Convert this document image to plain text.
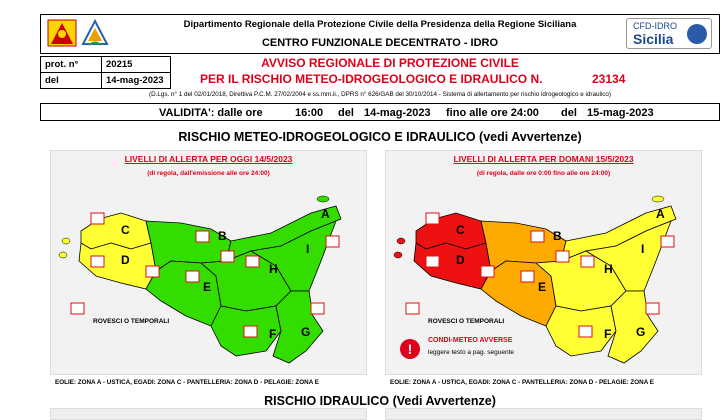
Dipartimento Regionale della Protezione Civile della Presidenza della Regione Siciliana
CENTRO FUNZIONALE DECENTRATO - IDRO
CFD-IDRO
Sicilia
prot. n°	20215
del	14-mag-2023
AVVISO REGIONALE DI PROTEZIONE CIVILE
PER IL RISCHIO METEO-IDROGEOLOGICO E IDRAULICO N.	23134
(D.Lgs. n° 1 del 02/01/2018, Direttiva P.C.M. 27/02/2004 e ss.mm.ii., DPRS n° 626/GAB del 30/10/2014 - Sistema di allertamento per rischio idrogeologico e idraulico)
VALIDITA': dalle ore	16:00 del 14-mag-2023 fino alle ore 24:00 del 15-mag-2023
RISCHIO METEO-IDROGEOLOGICO E IDRAULICO (vedi Avvertenze)
LIVELLI DI ALLERTA PER OGGI 14/5/2023
(di regola, dall'emissione alle ore 24:00)
C
D
B
A
E
H
I
F G
ROVESCI O TEMPORALI
LIVELLI DI ALLERTA PER DOMANI 15/5/2023
(di regola, dalle ore 0:00 fino alle ore 24:00)
C
D
B
A
E
H
I
F G
ROVESCI O TEMPORALI
!
CONDI-METEO AVVERSE
leggere testo a pag. seguente
EOLIE: ZONA A - USTICA, EGADI: ZONA C - PANTELLERIA: ZONA D - PELAGIE: ZONA E	EOLIE: ZONA A - USTICA, EGADI: ZONA C - PANTELLERIA: ZONA D - PELAGIE: ZONA E
RISCHIO IDRAULICO (Vedi Avvertenze)
